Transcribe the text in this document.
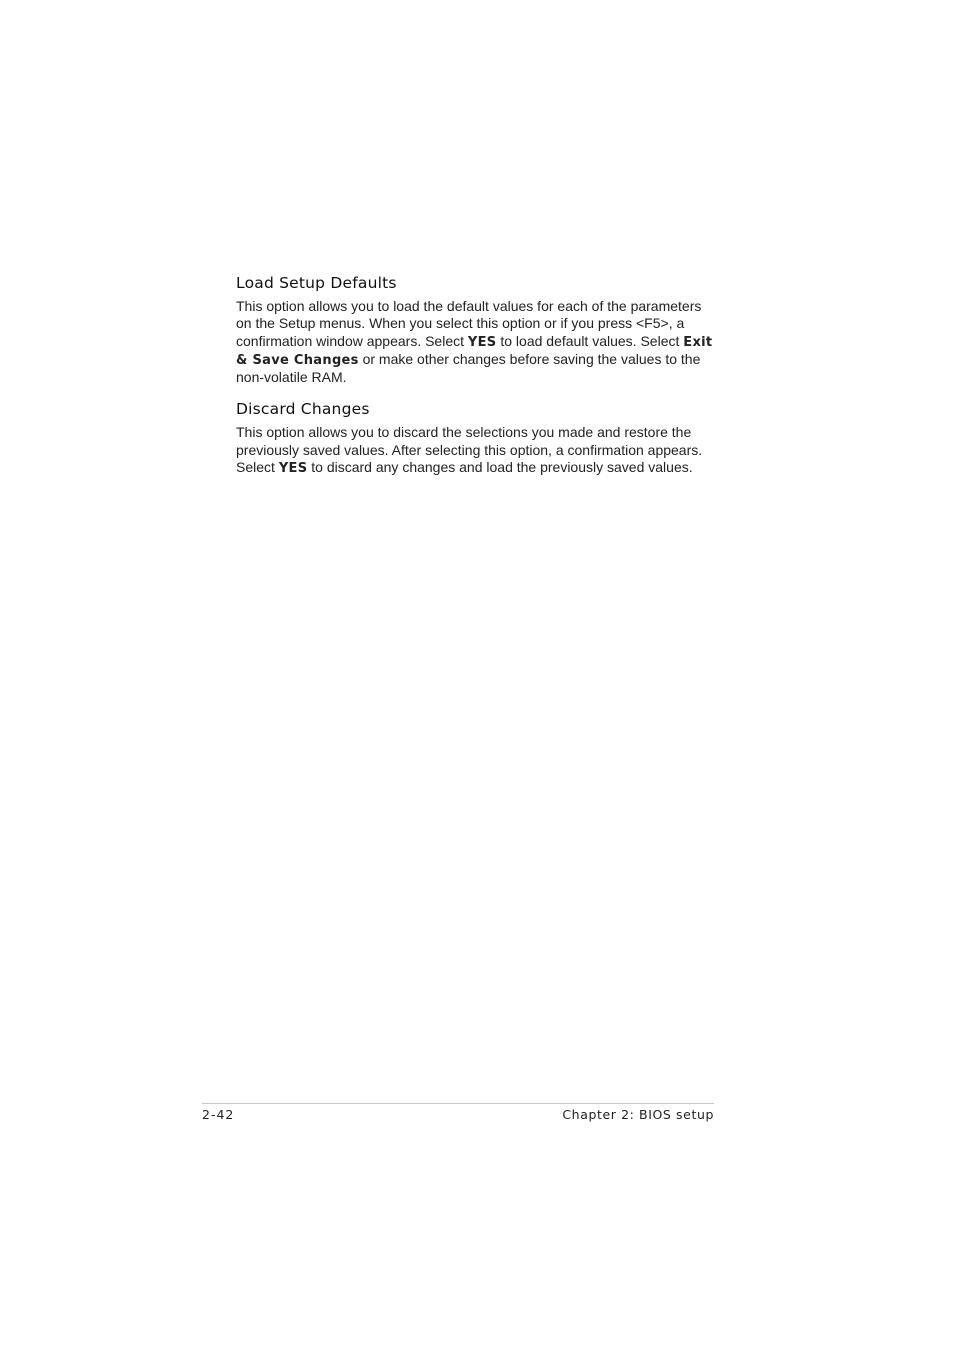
Load Setup Defaults

This option allows you to load the default values for each of the parameters on the Setup menus. When you select this option or if you press <F5>, a confirmation window appears. Select YES to load default values. Select Exit & Save Changes or make other changes before saving the values to the non-volatile RAM.

Discard Changes

This option allows you to discard the selections you made and restore the previously saved values. After selecting this option, a confirmation appears. Select YES to discard any changes and load the previously saved values.

2-42	Chapter 2: BIOS setup
